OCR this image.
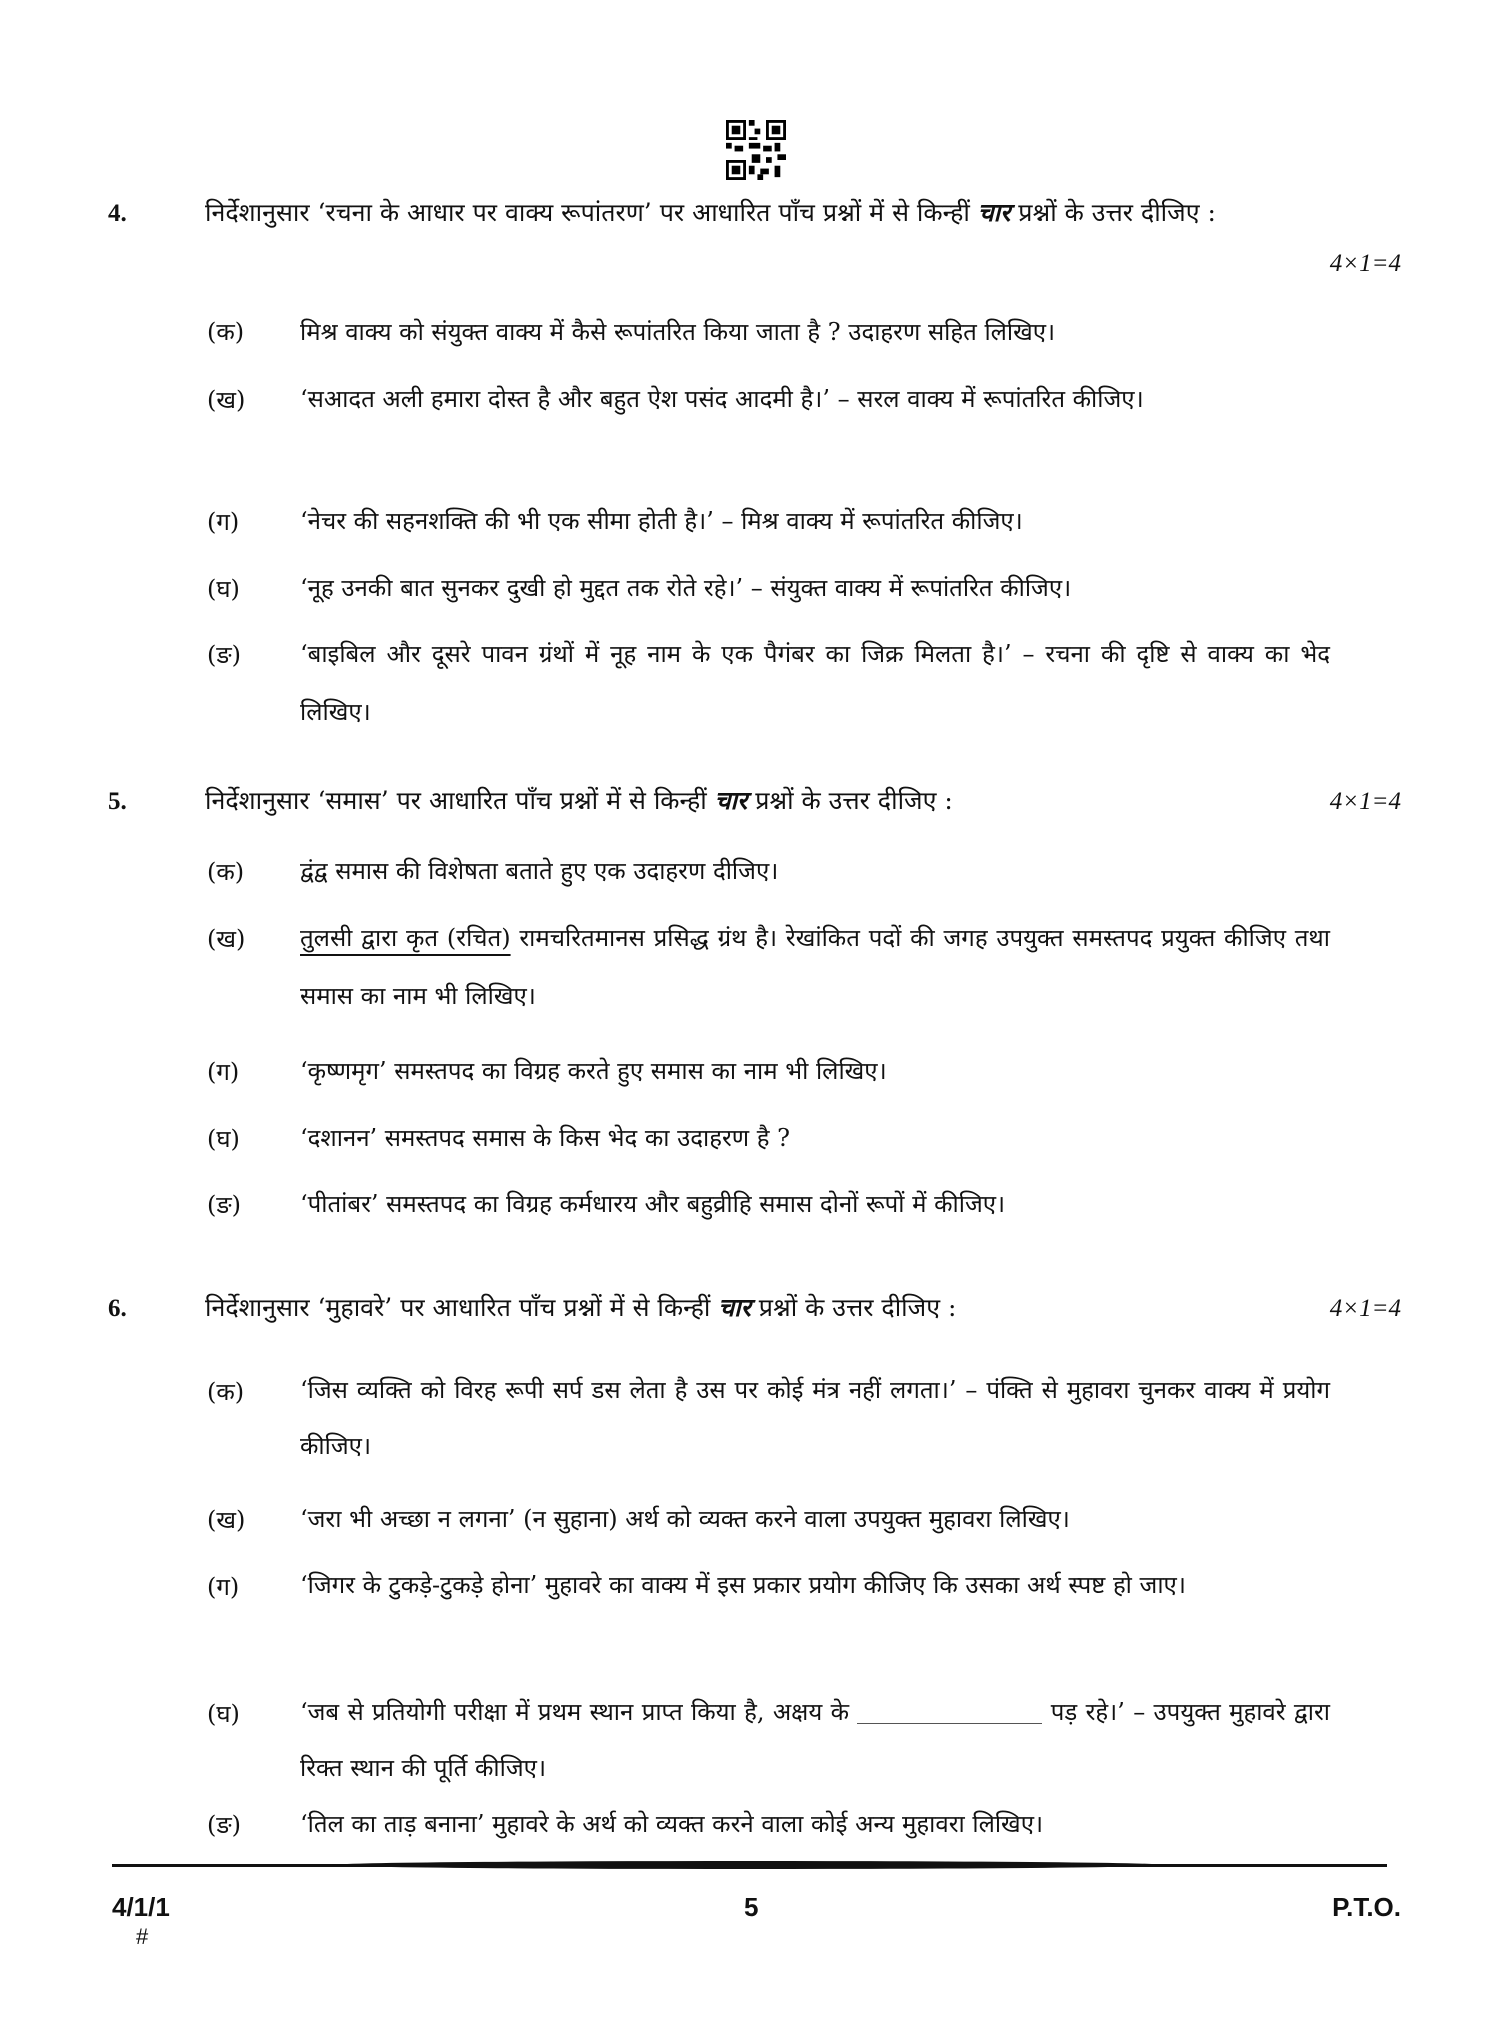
4.	निर्देशानुसार ‘रचना के आधार पर वाक्य रूपांतरण’ पर आधारित पाँच प्रश्नों में से किन्हीं चार प्रश्नों के उत्तर दीजिए :
4×1=4
(क) मिश्र वाक्य को संयुक्त वाक्य में कैसे रूपांतरित किया जाता है ? उदाहरण सहित लिखिए।
(ख) ‘सआदत अली हमारा दोस्त है और बहुत ऐश पसंद आदमी है।’ – सरल वाक्य में रूपांतरित कीजिए।
(ग)	‘नेचर की सहनशक्ति की भी एक सीमा होती है।’ – मिश्र वाक्य में रूपांतरित कीजिए।
(घ)	‘नूह उनकी बात सुनकर दुखी हो मुद्दत तक रोते रहे।’ – संयुक्त वाक्य में रूपांतरित कीजिए।
(ङ) ‘बाइबिल और दूसरे पावन ग्रंथों में नूह नाम के एक पैगंबर का जिक्र मिलता है।’ – रचना की दृष्टि से वाक्य का भेद लिखिए।
5.	निर्देशानुसार ‘समास’ पर आधारित पाँच प्रश्नों में से किन्हीं चार प्रश्नों के उत्तर दीजिए :	4×1=4
(क) द्वंद्व समास की विशेषता बताते हुए एक उदाहरण दीजिए।
(ख) तुलसी द्वारा कृत (रचित) रामचरितमानस प्रसिद्ध ग्रंथ है। रेखांकित पदों की जगह उपयुक्त समस्तपद प्रयुक्त कीजिए तथा समास का नाम भी लिखिए।
(ग)	‘कृष्णमृग’ समस्तपद का विग्रह करते हुए समास का नाम भी लिखिए।
(घ)	‘दशानन’ समस्तपद समास के किस भेद का उदाहरण है ?
(ङ) ‘पीतांबर’ समस्तपद का विग्रह कर्मधारय और बहुव्रीहि समास दोनों रूपों में कीजिए।
6.	निर्देशानुसार ‘मुहावरे’ पर आधारित पाँच प्रश्नों में से किन्हीं चार प्रश्नों के उत्तर दीजिए :	4×1=4
(क) ‘जिस व्यक्ति को विरह रूपी सर्प डस लेता है उस पर कोई मंत्र नहीं लगता।’ – पंक्ति से मुहावरा चुनकर वाक्य में प्रयोग कीजिए।
(ख) ‘जरा भी अच्छा न लगना’ (न सुहाना) अर्थ को व्यक्त करने वाला उपयुक्त मुहावरा लिखिए।
(ग)	‘जिगर के टुकड़े-टुकड़े होना’ मुहावरे का वाक्य में इस प्रकार प्रयोग कीजिए कि उसका अर्थ स्पष्ट हो जाए।
(घ)	‘जब से प्रतियोगी परीक्षा में प्रथम स्थान प्राप्त किया है, अक्षय के	पड़ रहे।’ – उपयुक्त मुहावरे द्वारा रिक्त स्थान की पूर्ति कीजिए।
(ङ) ‘तिल का ताड़ बनाना’ मुहावरे के अर्थ को व्यक्त करने वाला कोई अन्य मुहावरा लिखिए।
4/1/1	5	P.T.O.
#
